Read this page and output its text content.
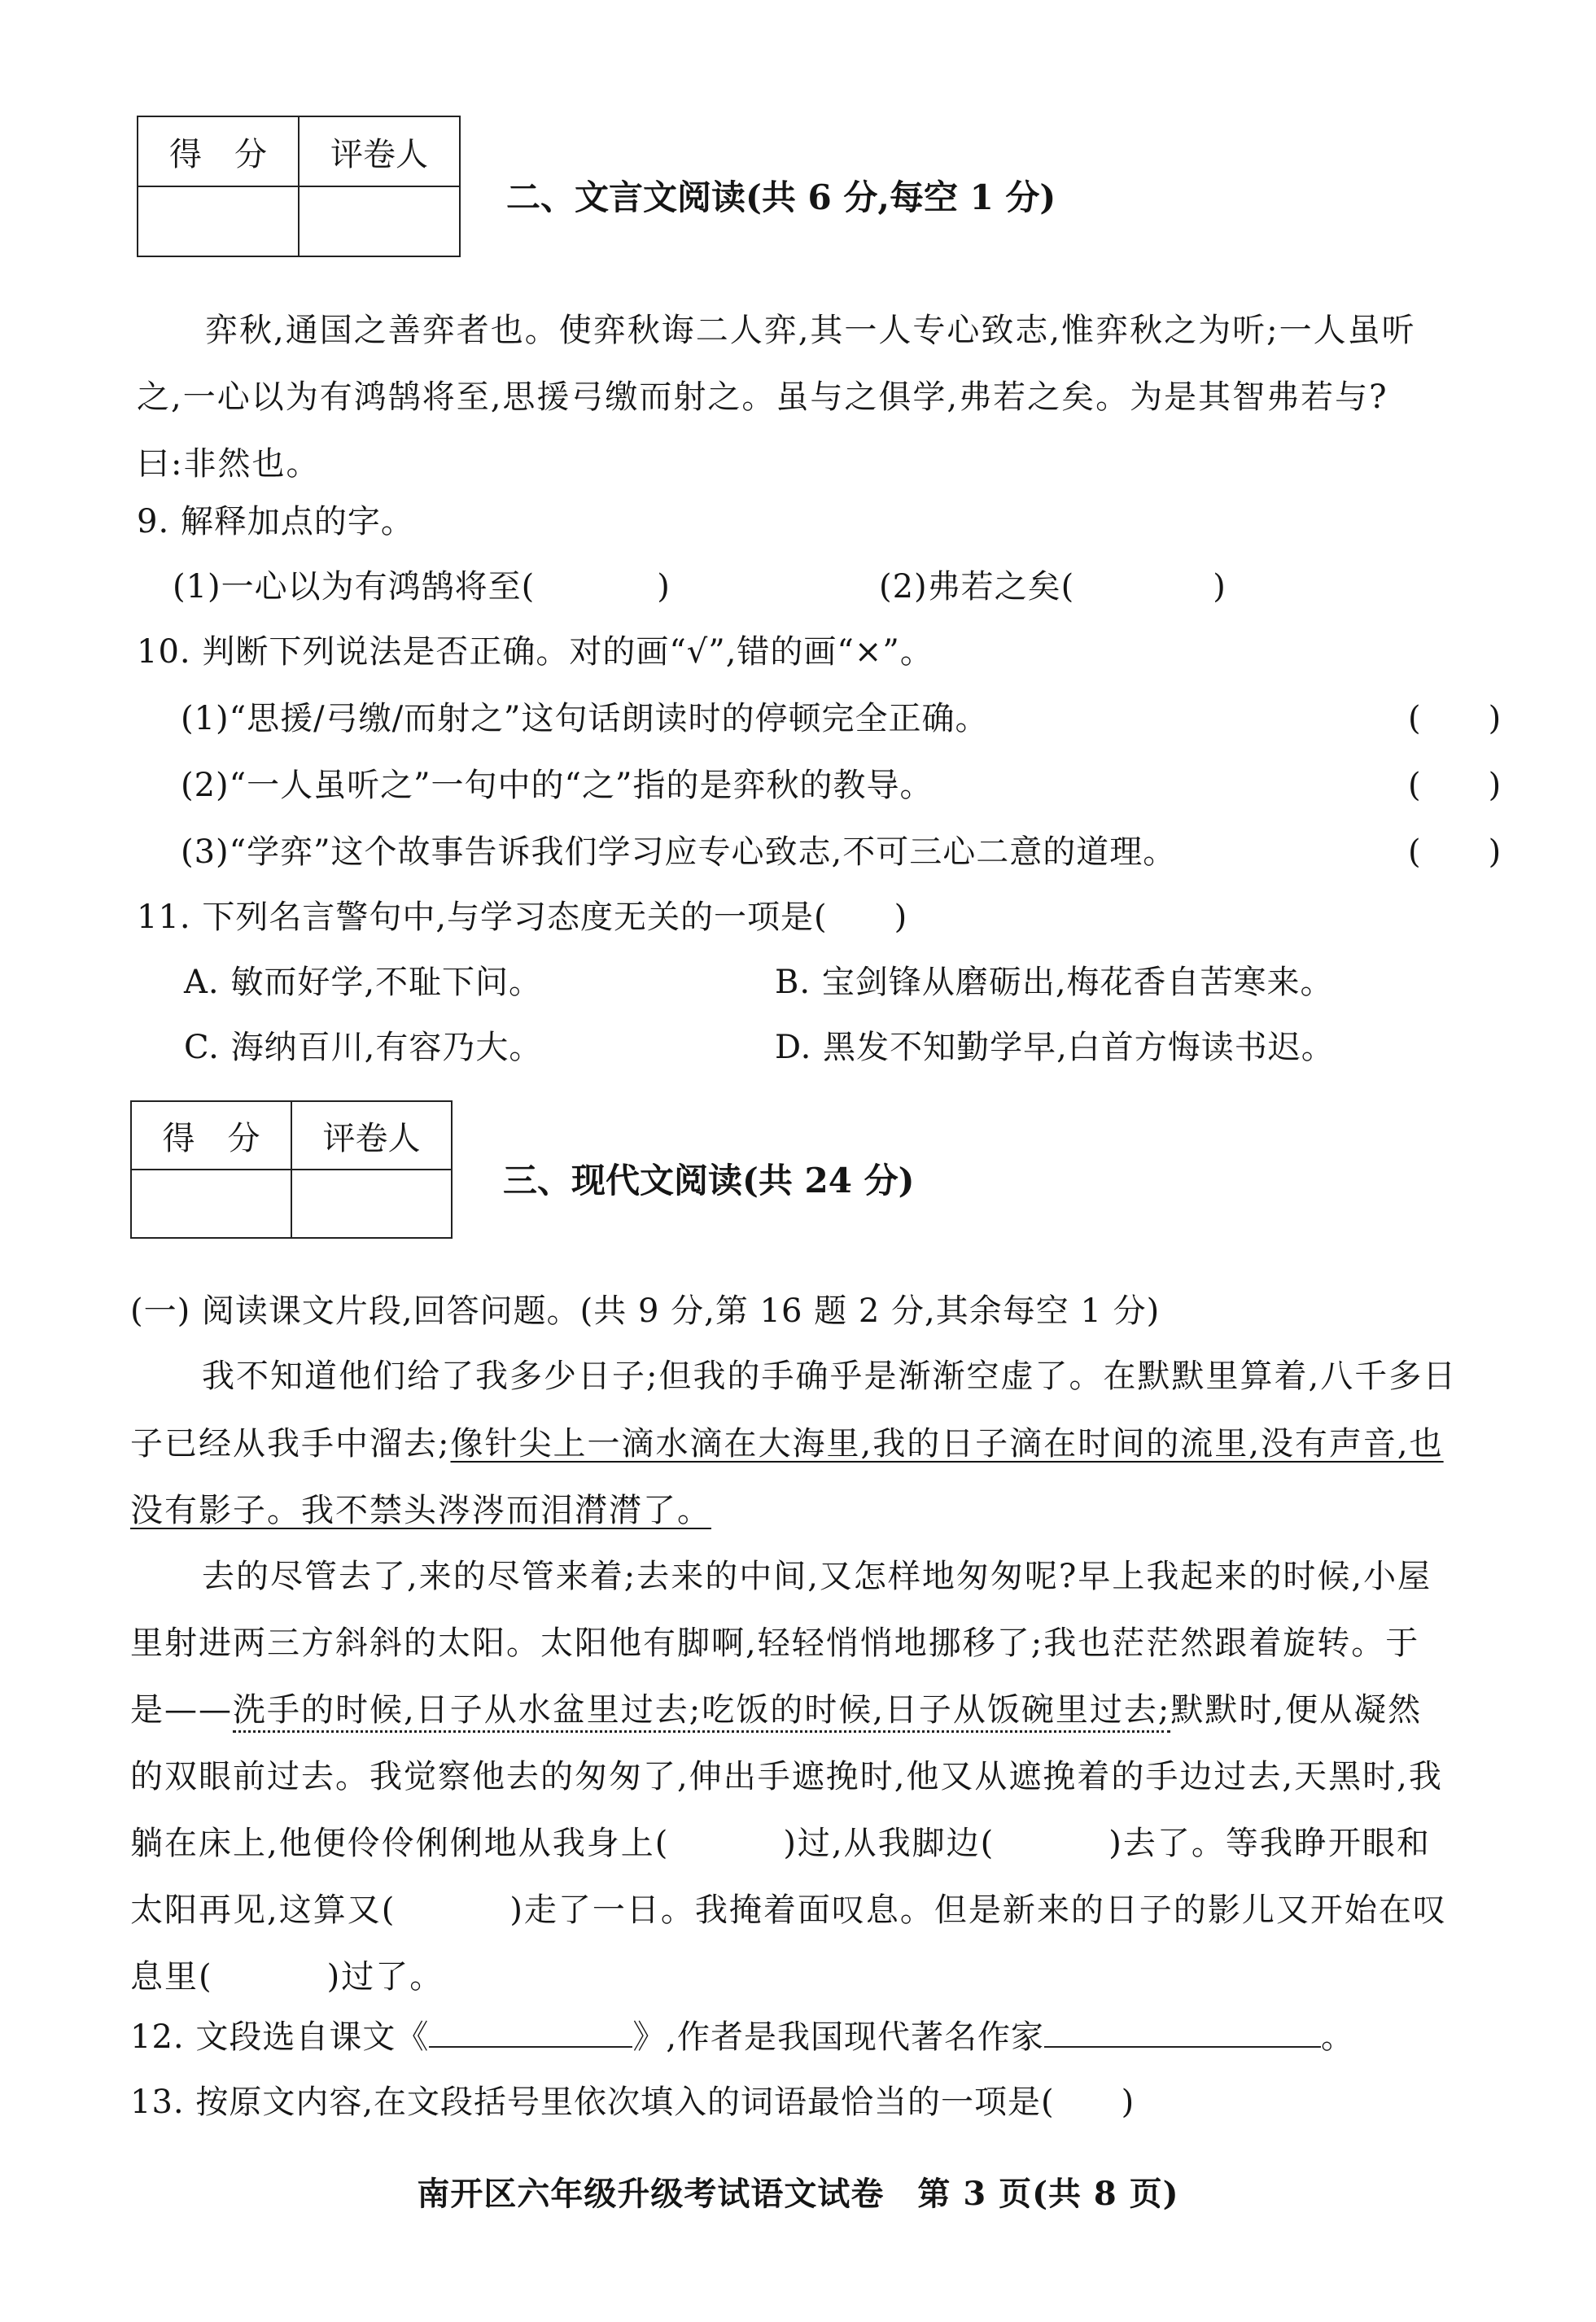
得　分	评卷人

二、文言文阅读(共 6 分,每空 1 分)
弈秋,通国之善弈者也。使弈秋诲二人弈,其一人专心致志,惟弈秋之为听;一人虽听
之,一心以为有鸿鹄将至,思援弓缴而射之。虽与之俱学,弗若之矣。为是其智弗若与?
曰:非然也。
9. 解释加点的字。
(1)一心以为有鸿鹄将至(	)	(2)弗若之矣(	)
10. 判断下列说法是否正确。对的画“√”,错的画“×”。
(1)“思援/弓缴/而射之”这句话朗读时的停顿完全正确。	(　　)
(2)“一人虽听之”一句中的“之”指的是弈秋的教导。	(　　)
(3)“学弈”这个故事告诉我们学习应专心致志,不可三心二意的道理。	(　　)
11. 下列名言警句中,与学习态度无关的一项是(　　)
A. 敏而好学,不耻下问。	B. 宝剑锋从磨砺出,梅花香自苦寒来。
C. 海纳百川,有容乃大。	D. 黑发不知勤学早,白首方悔读书迟。
得　分	评卷人

三、现代文阅读(共 24 分)
(一) 阅读课文片段,回答问题。(共 9 分,第 16 题 2 分,其余每空 1 分)
我不知道他们给了我多少日子;但我的手确乎是渐渐空虚了。在默默里算着,八千多日
子已经从我手中溜去;像针尖上一滴水滴在大海里,我的日子滴在时间的流里,没有声音,也
没有影子。我不禁头涔涔而泪潸潸了。
去的尽管去了,来的尽管来着;去来的中间,又怎样地匆匆呢?早上我起来的时候,小屋
里射进两三方斜斜的太阳。太阳他有脚啊,轻轻悄悄地挪移了;我也茫茫然跟着旋转。于
是——洗手的时候,日子从水盆里过去;吃饭的时候,日子从饭碗里过去;默默时,便从凝然
的双眼前过去。我觉察他去的匆匆了,伸出手遮挽时,他又从遮挽着的手边过去,天黑时,我
躺在床上,他便伶伶俐俐地从我身上(	)过,从我脚边(	)去了。等我睁开眼和
太阳再见,这算又(	)走了一日。我掩着面叹息。但是新来的日子的影儿又开始在叹
息里(	)过了。
12. 文段选自课文《	》,作者是我国现代著名作家	。
13. 按原文内容,在文段括号里依次填入的词语最恰当的一项是(　　)
南开区六年级升级考试语文试卷　第 3 页(共 8 页)
